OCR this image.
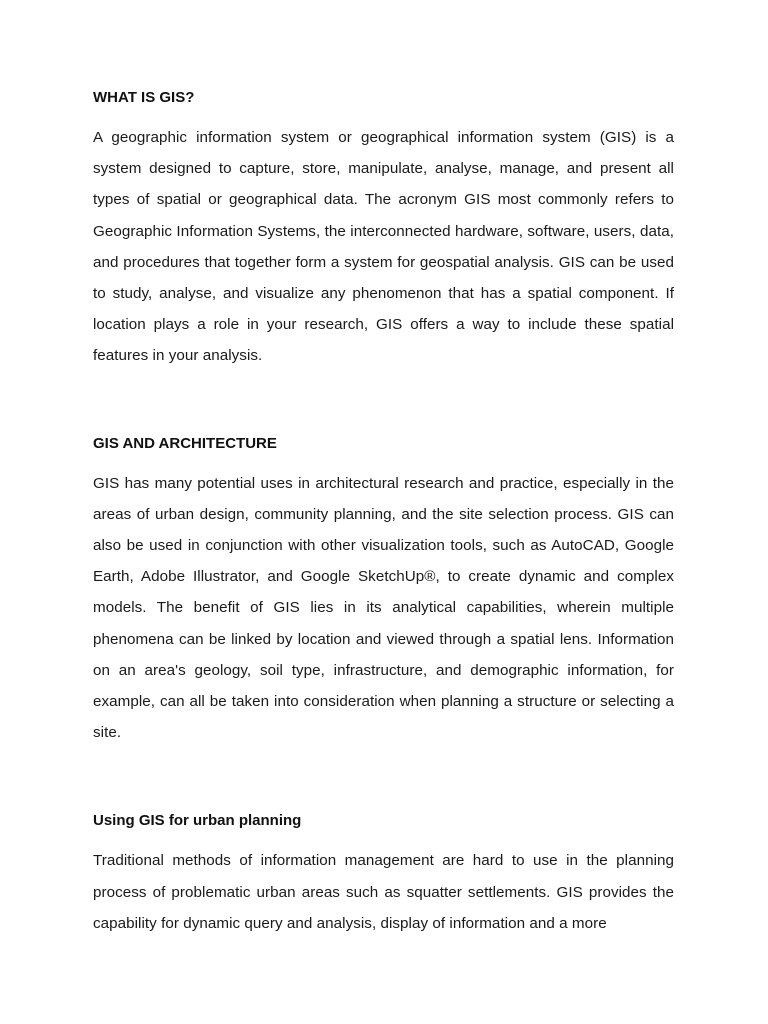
WHAT IS GIS?

A geographic information system or geographical information system (GIS) is a system designed to capture, store, manipulate, analyse, manage, and present all types of spatial or geographical data. The acronym GIS most commonly refers to Geographic Information Systems, the interconnected hardware, software, users, data, and procedures that together form a system for geospatial analysis. GIS can be used to study, analyse, and visualize any phenomenon that has a spatial component. If location plays a role in your research, GIS offers a way to include these spatial features in your analysis.

GIS AND ARCHITECTURE

GIS has many potential uses in architectural research and practice, especially in the areas of urban design, community planning, and the site selection process. GIS can also be used in conjunction with other visualization tools, such as AutoCAD, Google Earth, Adobe Illustrator, and Google SketchUp®, to create dynamic and complex models. The benefit of GIS lies in its analytical capabilities, wherein multiple phenomena can be linked by location and viewed through a spatial lens. Information on an area's geology, soil type, infrastructure, and demographic information, for example, can all be taken into consideration when planning a structure or selecting a site.

Using GIS for urban planning

Traditional methods of information management are hard to use in the planning process of problematic urban areas such as squatter settlements. GIS provides the capability for dynamic query and analysis, display of information and a more
